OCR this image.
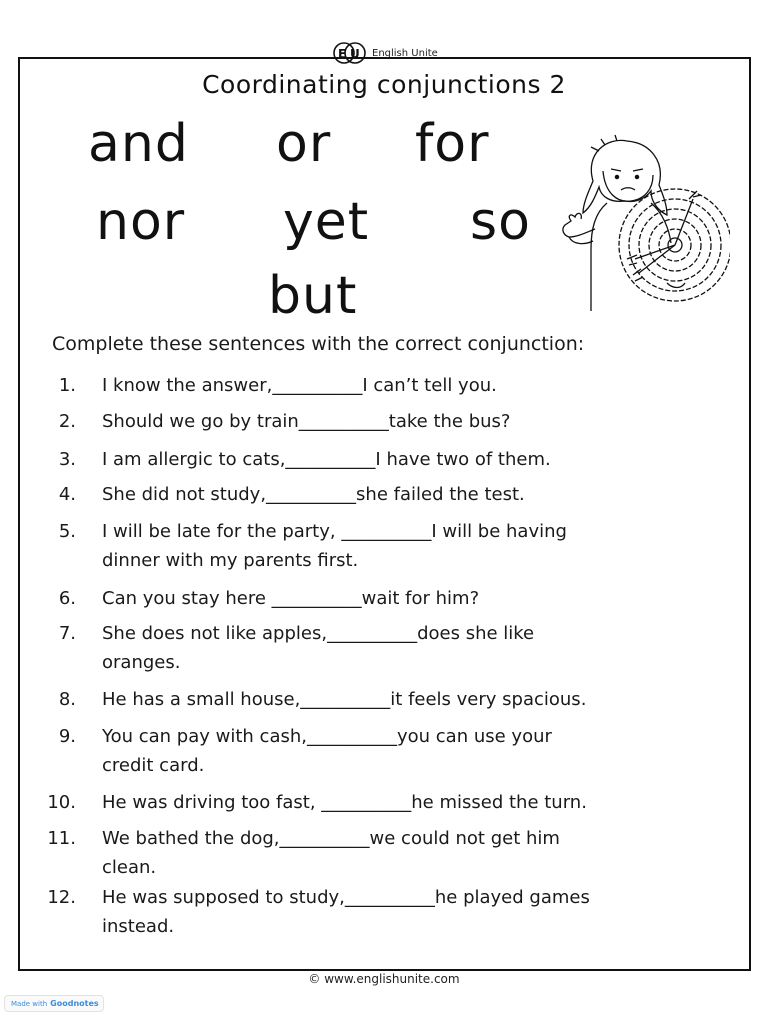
E U English Unite
Coordinating conjunctions 2
and or for
nor yet so
but
Complete these sentences with the correct conjunction:
1. I know the answer,__________I can’t tell you.
2. Should we go by train__________take the bus?
3. I am allergic to cats,__________I have two of them.
4. She did not study,__________she failed the test.
5. I will be late for the party, __________I will be having
dinner with my parents first.
6. Can you stay here __________wait for him?
7. She does not like apples,__________does she like
oranges.
8. He has a small house,__________it feels very spacious.
9. You can pay with cash,__________you can use your
credit card.
10. He was driving too fast, __________he missed the turn.
11. We bathed the dog,__________we could not get him
clean.
12. He was supposed to study,__________he played games
instead.
© www.englishunite.com
Made with Goodnotes
